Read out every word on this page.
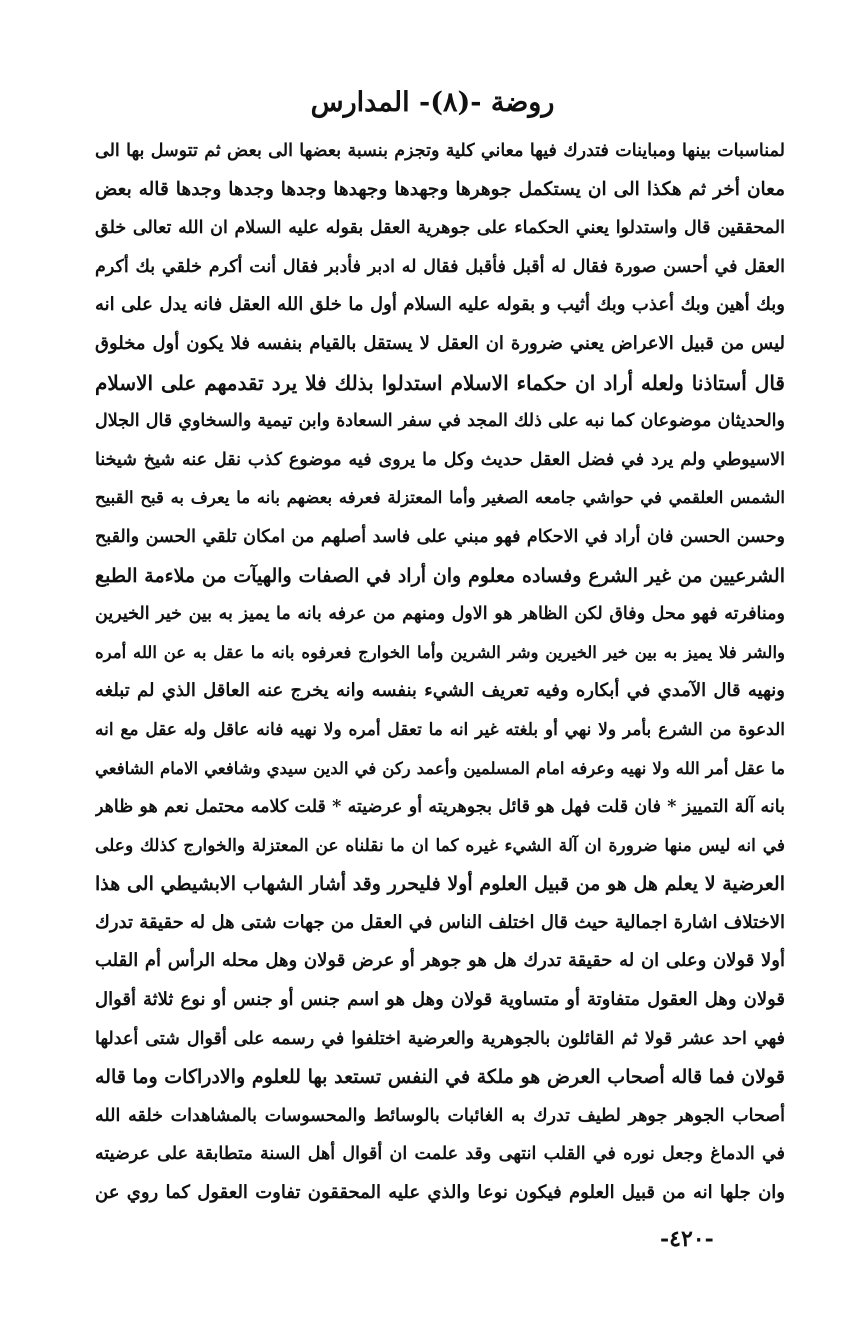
روضة -(٨)- المدارس
لمناسبات بينها ومباينات فتدرك فيها معاني كلية وتجزم بنسبة بعضها الى بعض ثم تتوسل بها الى
معان أخر ثم هكذا الى ان يستكمل جوهرها وجهدها وجهدها وجدها وجدها وجدها قاله بعض
المحققين قال واستدلوا يعني الحكماء على جوهرية العقل بقوله عليه السلام ان الله تعالى خلق
العقل في أحسن صورة فقال له أقبل فأقبل فقال له ادبر فأدبر فقال أنت أكرم خلقي بك أكرم
وبك أهين وبك أعذب وبك أثيب و بقوله عليه السلام أول ما خلق الله العقل فانه يدل على انه
ليس من قبيل الاعراض يعني ضرورة ان العقل لا يستقل بالقيام بنفسه فلا يكون أول مخلوق
قال أستاذنا ولعله أراد ان حكماء الاسلام استدلوا بذلك فلا يرد تقدمهم على الاسلام
والحديثان موضوعان كما نبه على ذلك المجد في سفر السعادة وابن تيمية والسخاوي قال الجلال
الاسيوطي ولم يرد في فضل العقل حديث وكل ما يروى فيه موضوع كذب نقل عنه شيخ شيخنا
الشمس العلقمي في حواشي جامعه الصغير وأما المعتزلة فعرفه بعضهم بانه ما يعرف به قبح القبيح
وحسن الحسن فان أراد في الاحكام فهو مبني على فاسد أصلهم من امكان تلقي الحسن والقبح
الشرعيين من غير الشرع وفساده معلوم وان أراد في الصفات والهيآت من ملاءمة الطبع
ومنافرته فهو محل وفاق لكن الظاهر هو الاول ومنهم من عرفه بانه ما يميز به بين خير الخيرين
والشر فلا يميز به بين خير الخيرين وشر الشرين وأما الخوارج فعرفوه بانه ما عقل به عن الله أمره
ونهيه قال الآمدي في أبكاره وفيه تعريف الشيء بنفسه وانه يخرج عنه العاقل الذي لم تبلغه
الدعوة من الشرع بأمر ولا نهي أو بلغته غير انه ما تعقل أمره ولا نهيه فانه عاقل وله عقل مع انه
ما عقل أمر الله ولا نهيه وعرفه امام المسلمين وأعمد ركن في الدين سيدي وشافعي الامام الشافعي
بانه آلة التمييز * فان قلت فهل هو قائل بجوهريته أو عرضيته * قلت كلامه محتمل نعم هو ظاهر
في انه ليس منها ضرورة ان آلة الشيء غيره كما ان ما نقلناه عن المعتزلة والخوارج كذلك وعلى
العرضية لا يعلم هل هو من قبيل العلوم أولا فليحرر وقد أشار الشهاب الابشيطي الى هذا
الاختلاف اشارة اجمالية حيث قال اختلف الناس في العقل من جهات شتى هل له حقيقة تدرك
أولا قولان وعلى ان له حقيقة تدرك هل هو جوهر أو عرض قولان وهل محله الرأس أم القلب
قولان وهل العقول متفاوتة أو متساوية قولان وهل هو اسم جنس أو جنس أو نوع ثلاثة أقوال
فهي احد عشر قولا ثم القائلون بالجوهرية والعرضية اختلفوا في رسمه على أقوال شتى أعدلها
قولان فما قاله أصحاب العرض هو ملكة في النفس تستعد بها للعلوم والادراكات وما قاله
أصحاب الجوهر جوهر لطيف تدرك به الغائبات بالوسائط والمحسوسات بالمشاهدات خلقه الله
في الدماغ وجعل نوره في القلب انتهى وقد علمت ان أقوال أهل السنة متطابقة على عرضيته
وان جلها انه من قبيل العلوم فيكون نوعا والذي عليه المحققون تفاوت العقول كما روي عن
-٤٢٠-
